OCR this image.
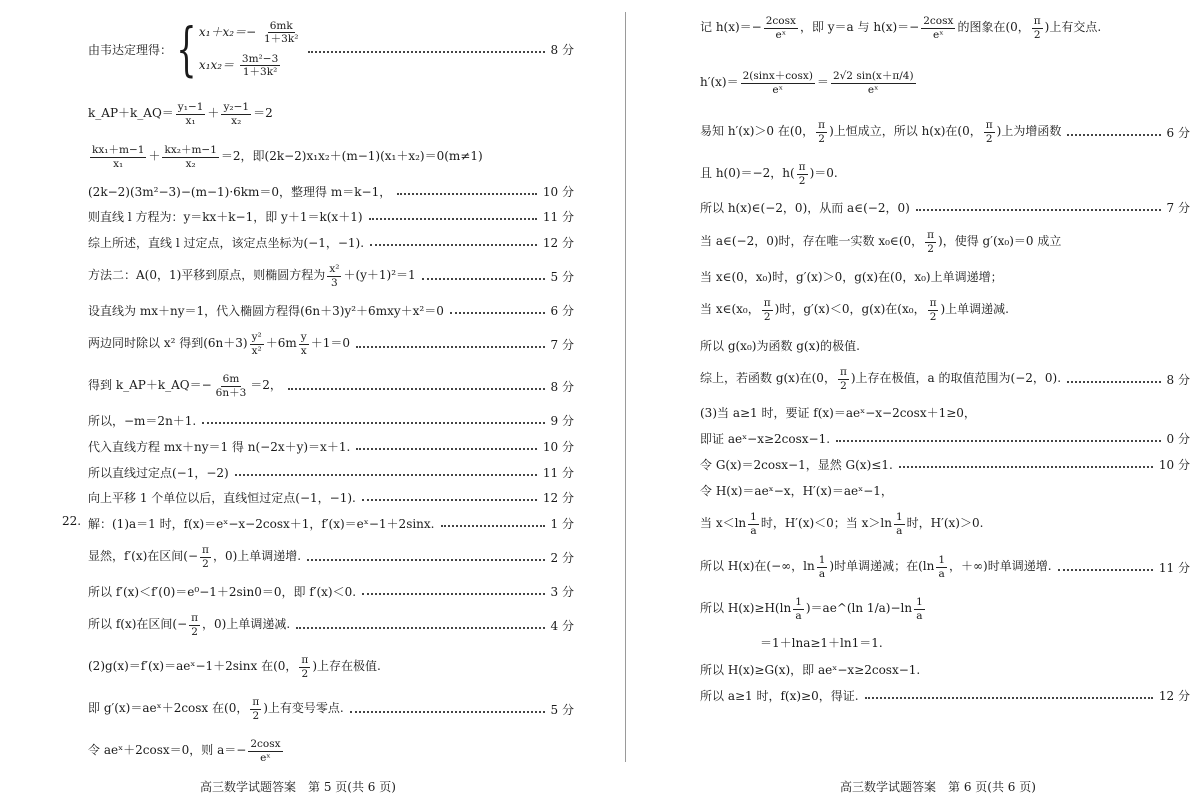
由韦达定理得： { $x_1+x_2=- \frac{6mk}{\text{1＋3k²}}$
$x_1x_2= \frac{\text{3m²−3}}{\text{1＋3k²}}$
8 分
k_AP＋k_AQ＝ $\frac{\text{y₁−1}}{\text{x₁}} + \frac{\text{y₂−1}}{\text{x₂}} =2$
$\frac{\text{kx₁＋m−1}}{\text{x₁}} + \frac{\text{kx₂＋m−1}}{\text{x₂}} =2$，即(2k−2)x₁x₂＋(m−1)(x₁＋x₂)＝0(m≠1)
(2k−2)(3m²−3)−(m−1)·6km＝0，整理得 m＝k−1，	10 分
则直线 l 方程为：y＝kx＋k−1，即 y＋1＝k(x＋1)	11 分
综上所述，直线 l 过定点，该定点坐标为(−1，−1).	12 分
方法二：A(0，1)平移到原点，则椭圆方程为 $\frac{\text{x²}}{3} +(y+1)^2=1$	5 分
设直线为 mx＋ny＝1，代入椭圆方程得(6n＋3)y²＋6mxy＋x²＝0	6 分
两边同时除以 x² 得到$(6n+3) \frac{\text{y²}}{\text{x²}} +6m \frac{y}{x} +1=0$	7 分
得到 k_AP＋k_AQ＝− $\frac{6m}{6n+3} =2$，	8 分
所以，−m＝2n＋1.	9 分
代入直线方程 mx＋ny＝1 得 n(−2x＋y)＝x＋1.	10 分
所以直线过定点(−1，−2)	11 分
向上平移 1 个单位以后，直线恒过定点(−1，−1).	12 分
22. 解：(1)a＝1 时，f(x)＝eˣ−x−2cosx＋1，f′(x)＝eˣ−1＋2sinx.	1 分
显然，f′(x)在区间(− $\frac{\pi}{2}$ ，0)上单调递增.	2 分
所以 f′(x)＜f′(0)＝e⁰−1＋2sin0＝0，即 f′(x)＜0.	3 分
所以 f(x)在区间(− $\frac{\pi}{2}$ ，0)上单调递减.	4 分
(2)g(x)＝f′(x)＝aeˣ−1＋2sinx 在(0， $\frac{\pi}{2}$ )上存在极值.
即 g′(x)＝aeˣ＋2cosx 在(0， $\frac{\pi}{2}$ )上有变号零点.	5 分
令 aeˣ＋2cosx＝0，则 $a=- \frac{2\cos x}{\text{eˣ}}$
高三数学试题答案　第 5 页(共 6 页)
记 $h(x)=- \frac{2\cos x}{\text{eˣ}}$ ，即 y＝a 与 $h(x)=- \frac{2\cos x}{\text{eˣ}}$ 的图象在(0， $\frac{\pi}{2}$ )上有交点.
$h'(x)= \frac{2(\sin x+\cos x)}{\text{eˣ}} = \frac{2√2 \sin(x+\pi/4)}{\text{eˣ}}$
易知 h′(x)＞0 在(0， $\frac{\pi}{2}$ )上恒成立，所以 h(x)在(0， $\frac{\pi}{2}$ )上为增函数	6 分
且 h(0)＝−2，$h( \frac{\pi}{2} )=0$.
所以 h(x)∈(−2，0)，从而 a∈(−2，0)	7 分
当 a∈(−2，0)时，存在唯一实数 x₀∈(0， $\frac{\pi}{2}$ )，使得 g′(x₀)＝0 成立
当 x∈(0，x₀)时，g′(x)＞0，g(x)在(0，x₀)上单调递增；
当 x∈(x₀， $\frac{\pi}{2}$ )时，g′(x)＜0，g(x)在(x₀， $\frac{\pi}{2}$ )上单调递减.
所以 g(x₀)为函数 g(x)的极值.
综上，若函数 g(x)在(0， $\frac{\pi}{2}$ )上存在极值，a 的取值范围为(−2，0).	8 分
(3)当 a≥1 时，要证 f(x)＝aeˣ−x−2cosx＋1≥0，
即证 aeˣ−x≥2cosx−1.	0 分
令 G(x)＝2cosx−1，显然 G(x)≤1.	10 分
令 H(x)＝aeˣ−x，H′(x)＝aeˣ−1，
当 $x<\ln \frac{1}{a}$ 时，H′(x)＜0；当 $x>\ln \frac{1}{a}$ 时，H′(x)＞0.
所以 H(x)在(−∞，$\ln \frac{1}{a}$ )时单调递减；在($\ln \frac{1}{a}$ ，＋∞)时单调递增.	11 分
所以 $H(x)\ge H(\ln \frac{1}{a}$ )＝ae^(ln $1/a)-\ln \frac{1}{a}$
＝1＋lna≥1＋ln1＝1.
所以 H(x)≥G(x)，即 aeˣ−x≥2cosx−1.
所以 a≥1 时，f(x)≥0，得证.	12 分
高三数学试题答案　第 6 页(共 6 页)
